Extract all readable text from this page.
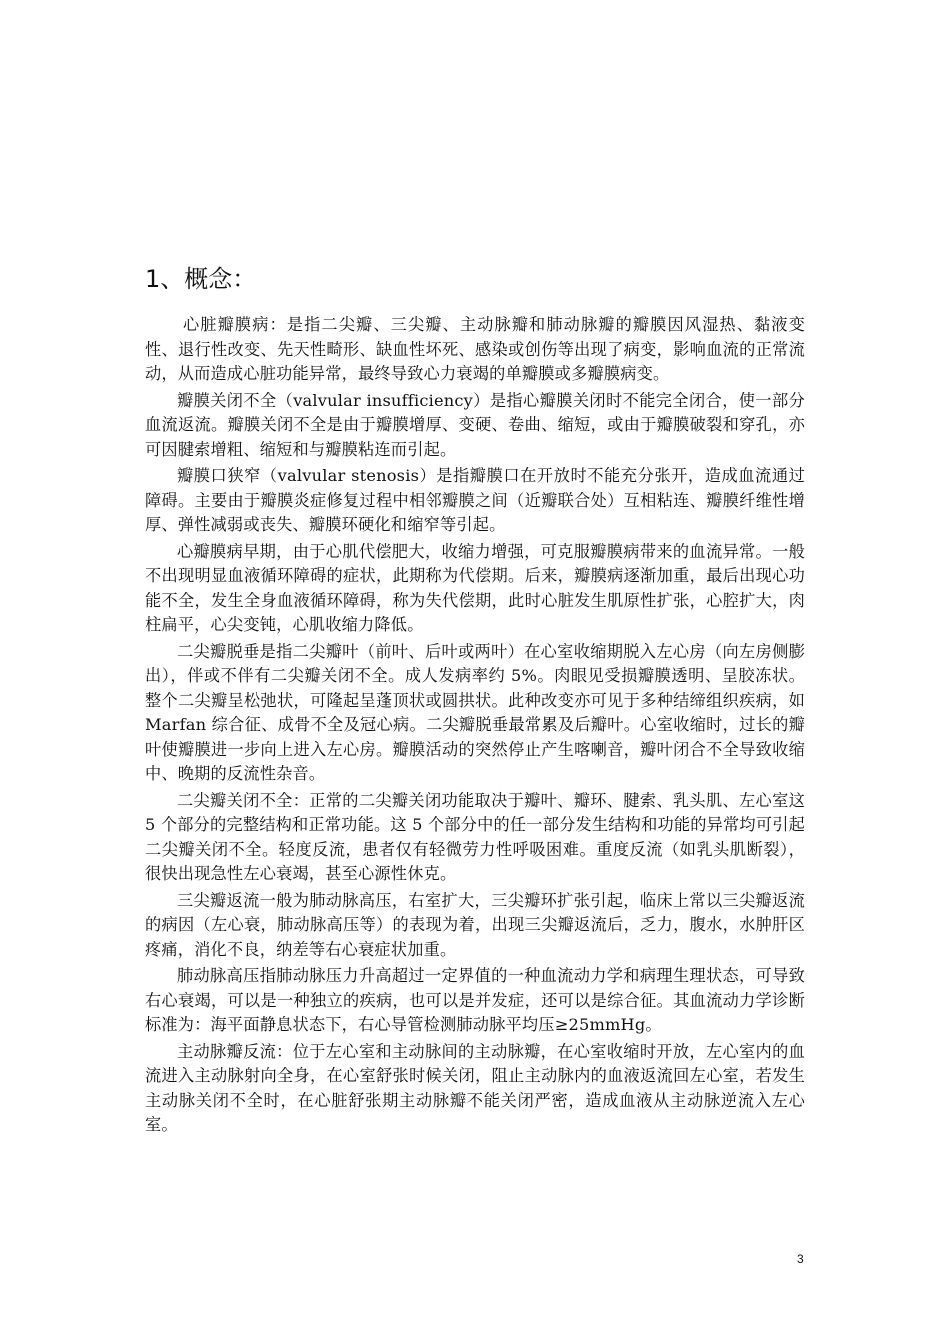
1、概念：

心脏瓣膜病：是指二尖瓣、三尖瓣、主动脉瓣和肺动脉瓣的瓣膜因风湿热、黏液变性、退行性改变、先天性畸形、缺血性坏死、感染或创伤等出现了病变，影响血流的正常流动，从而造成心脏功能异常，最终导致心力衰竭的单瓣膜或多瓣膜病变。

瓣膜关闭不全（valvular insufficiency）是指心瓣膜关闭时不能完全闭合，使一部分血流返流。瓣膜关闭不全是由于瓣膜增厚、变硬、卷曲、缩短，或由于瓣膜破裂和穿孔，亦可因腱索增粗、缩短和与瓣膜粘连而引起。

瓣膜口狭窄（valvular stenosis）是指瓣膜口在开放时不能充分张开，造成血流通过障碍。主要由于瓣膜炎症修复过程中相邻瓣膜之间（近瓣联合处）互相粘连、瓣膜纤维性增厚、弹性减弱或丧失、瓣膜环硬化和缩窄等引起。

心瓣膜病早期，由于心肌代偿肥大，收缩力增强，可克服瓣膜病带来的血流异常。一般不出现明显血液循环障碍的症状，此期称为代偿期。后来，瓣膜病逐渐加重，最后出现心功能不全，发生全身血液循环障碍，称为失代偿期，此时心脏发生肌原性扩张，心腔扩大，肉柱扁平，心尖变钝，心肌收缩力降低。

二尖瓣脱垂是指二尖瓣叶（前叶、后叶或两叶）在心室收缩期脱入左心房（向左房侧膨出），伴或不伴有二尖瓣关闭不全。成人发病率约 5%。肉眼见受损瓣膜透明、呈胶冻状。整个二尖瓣呈松弛状，可隆起呈蓬顶状或圆拱状。此种改变亦可见于多种结缔组织疾病，如 Marfan 综合征、成骨不全及冠心病。二尖瓣脱垂最常累及后瓣叶。心室收缩时，过长的瓣叶使瓣膜进一步向上进入左心房。瓣膜活动的突然停止产生喀喇音，瓣叶闭合不全导致收缩中、晚期的反流性杂音。

二尖瓣关闭不全：正常的二尖瓣关闭功能取决于瓣叶、瓣环、腱索、乳头肌、左心室这 5 个部分的完整结构和正常功能。这 5 个部分中的任一部分发生结构和功能的异常均可引起二尖瓣关闭不全。轻度反流，患者仅有轻微劳力性呼吸困难。重度反流（如乳头肌断裂），很快出现急性左心衰竭，甚至心源性休克。

三尖瓣返流一般为肺动脉高压，右室扩大，三尖瓣环扩张引起，临床上常以三尖瓣返流的病因（左心衰，肺动脉高压等）的表现为着，出现三尖瓣返流后，乏力，腹水，水肿肝区疼痛，消化不良，纳差等右心衰症状加重。

肺动脉高压指肺动脉压力升高超过一定界值的一种血流动力学和病理生理状态，可导致右心衰竭，可以是一种独立的疾病，也可以是并发症，还可以是综合征。其血流动力学诊断标准为：海平面静息状态下，右心导管检测肺动脉平均压≥25mmHg。

主动脉瓣反流：位于左心室和主动脉间的主动脉瓣，在心室收缩时开放，左心室内的血流进入主动脉射向全身，在心室舒张时候关闭，阻止主动脉内的血液返流回左心室，若发生主动脉关闭不全时，在心脏舒张期主动脉瓣不能关闭严密，造成血液从主动脉逆流入左心室。

3
